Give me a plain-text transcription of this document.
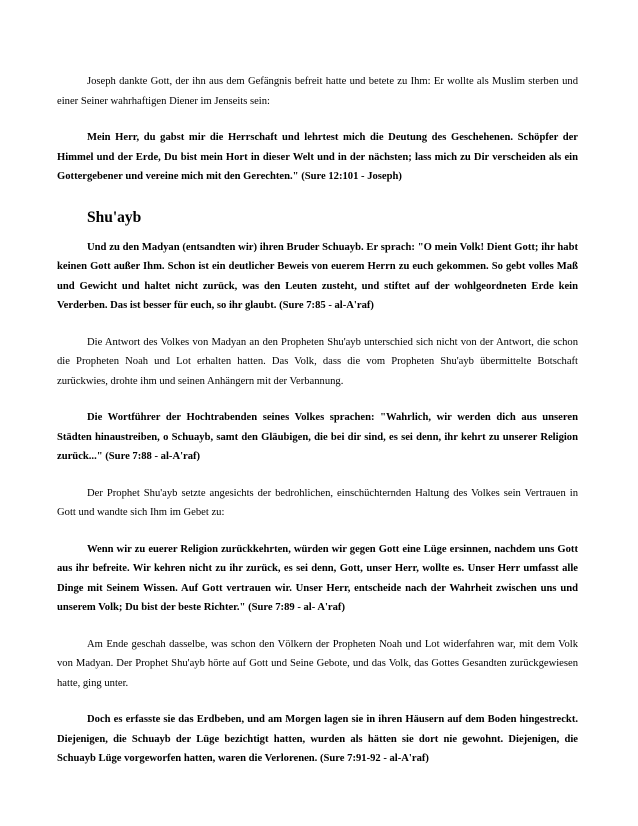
Joseph dankte Gott, der ihn aus dem Gefängnis befreit hatte und betete zu Ihm: Er wollte als Muslim sterben und einer Seiner wahrhaftigen Diener im Jenseits sein:

Mein Herr, du gabst mir die Herrschaft und lehrtest mich die Deutung des Geschehenen. Schöpfer der Himmel und der Erde, Du bist mein Hort in dieser Welt und in der nächsten; lass mich zu Dir verscheiden als ein Gottergebener und vereine mich mit den Gerechten." (Sure 12:101 - Joseph)

Shu'ayb

Und zu den Madyan (entsandten wir) ihren Bruder Schuayb. Er sprach: "O mein Volk! Dient Gott; ihr habt keinen Gott außer Ihm. Schon ist ein deutlicher Beweis von euerem Herrn zu euch gekommen. So gebt volles Maß und Gewicht und haltet nicht zurück, was den Leuten zusteht, und stiftet auf der wohlgeordneten Erde kein Verderben. Das ist besser für euch, so ihr glaubt. (Sure 7:85 - al-A'raf)

Die Antwort des Volkes von Madyan an den Propheten Shu'ayb unterschied sich nicht von der Antwort, die schon die Propheten Noah und Lot erhalten hatten. Das Volk, dass die vom Propheten Shu'ayb übermittelte Botschaft zurückwies, drohte ihm und seinen Anhängern mit der Verbannung.

Die Wortführer der Hochtrabenden seines Volkes sprachen: "Wahrlich, wir werden dich aus unseren Städten hinaustreiben, o Schuayb, samt den Gläubigen, die bei dir sind, es sei denn, ihr kehrt zu unserer Religion zurück..." (Sure 7:88 - al-A'raf)

Der Prophet Shu'ayb setzte angesichts der bedrohlichen, einschüchternden Haltung des Volkes sein Vertrauen in Gott und wandte sich Ihm im Gebet zu:

Wenn wir zu euerer Religion zurückkehrten, würden wir gegen Gott eine Lüge ersinnen, nachdem uns Gott aus ihr befreite. Wir kehren nicht zu ihr zurück, es sei denn, Gott, unser Herr, wollte es. Unser Herr umfasst alle Dinge mit Seinem Wissen. Auf Gott vertrauen wir. Unser Herr, entscheide nach der Wahrheit zwischen uns und unserem Volk; Du bist der beste Richter." (Sure 7:89 - al- A'raf)

Am Ende geschah dasselbe, was schon den Völkern der Propheten Noah und Lot widerfahren war, mit dem Volk von Madyan. Der Prophet Shu'ayb hörte auf Gott und Seine Gebote, und das Volk, das Gottes Gesandten zurückgewiesen hatte, ging unter.

Doch es erfasste sie das Erdbeben, und am Morgen lagen sie in ihren Häusern auf dem Boden hingestreckt. Diejenigen, die Schuayb der Lüge bezichtigt hatten, wurden als hätten sie dort nie gewohnt. Diejenigen, die Schuayb Lüge vorgeworfen hatten, waren die Verlorenen. (Sure 7:91-92 - al-A'raf)
